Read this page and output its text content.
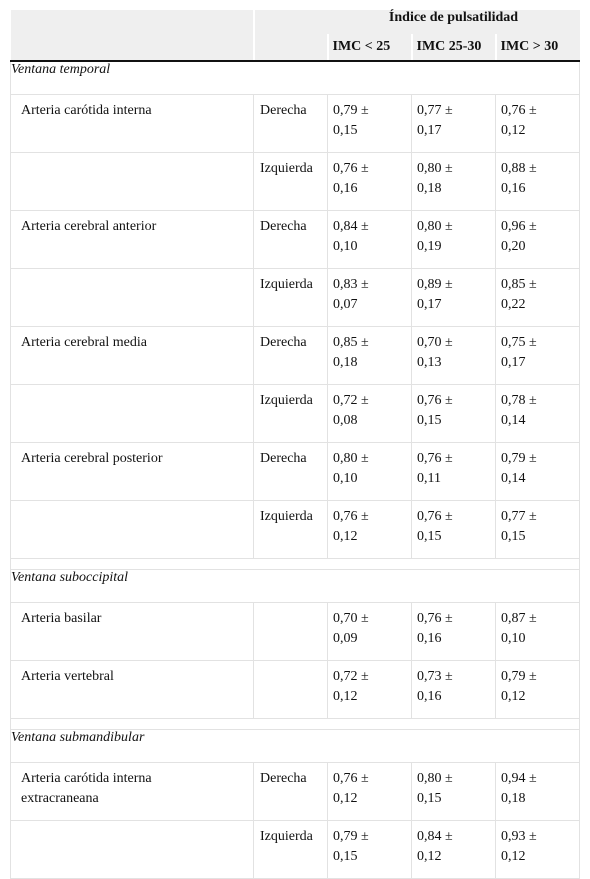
		Índice de pulsatilidad		
		IMC < 25	IMC 25-30	IMC > 30
Ventana temporal				
Arteria carótida interna	Derecha	0,79 ±
0,15	0,77 ±
0,17	0,76 ±
0,12
	Izquierda	0,76 ±
0,16	0,80 ±
0,18	0,88 ±
0,16
Arteria cerebral anterior	Derecha	0,84 ±
0,10	0,80 ±
0,19	0,96 ±
0,20
	Izquierda	0,83 ±
0,07	0,89 ±
0,17	0,85 ±
0,22
Arteria cerebral media	Derecha	0,85 ±
0,18	0,70 ±
0,13	0,75 ±
0,17
	Izquierda	0,72 ±
0,08	0,76 ±
0,15	0,78 ±
0,14
Arteria cerebral posterior	Derecha	0,80 ±
0,10	0,76 ±
0,11	0,79 ±
0,14
	Izquierda	0,76 ±
0,12	0,76 ±
0,15	0,77 ±
0,15

Ventana suboccipital				
Arteria basilar		0,70 ±
0,09	0,76 ±
0,16	0,87 ±
0,10
Arteria vertebral		0,72 ±
0,12	0,73 ±
0,16	0,79 ±
0,12

Ventana submandibular				
Arteria carótida interna
extracraneana	Derecha	0,76 ±
0,12	0,80 ±
0,15	0,94 ±
0,18
	Izquierda	0,79 ±
0,15	0,84 ±
0,12	0,93 ±
0,12
